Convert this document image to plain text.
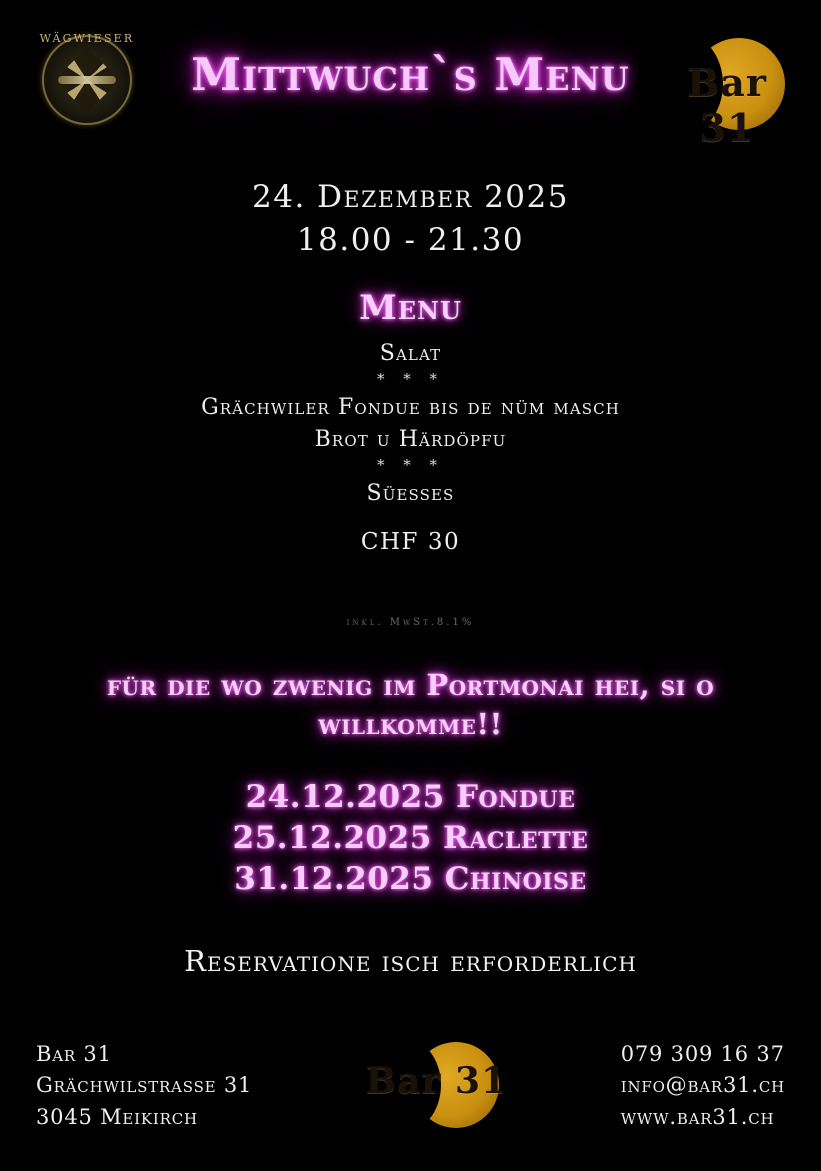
WÄGWIESER
Mittwuch`s Menu	Bar 31
24. Dezember 2025
18.00 - 21.30
Menu
Salat
* * *
Grächwiler Fondue bis de nüm masch
Brot u Härdöpfu
* * *
Süesses
CHF 30
inkl. MwSt.8.1%
für die wo zwenig im Portmonai hei, si o willkomme!!
24.12.2025 Fondue
25.12.2025 Raclette
31.12.2025 Chinoise
Reservatione isch erforderlich
Bar 31
Grächwilstrasse 31
3045 Meikirch
Bar 31
079 309 16 37
info@bar31.ch
www.bar31.ch
